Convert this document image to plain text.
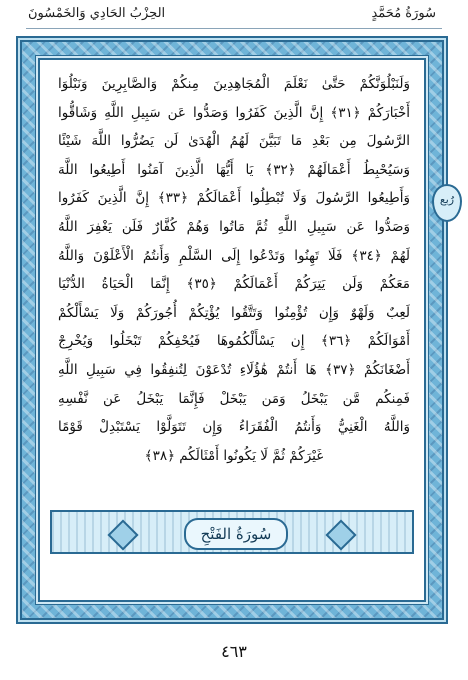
الحِزْبُ الحَادِي وَالخَمْسُونَ	سُورَةُ مُحَمَّدٍ
وَلَنَبْلُوَنَّكُمْ حَتَّىٰ نَعْلَمَ الْمُجَاهِدِينَ مِنكُمْ وَالصَّابِرِينَ وَنَبْلُوَا
أَخْبَارَكُمْ ﴿٣١﴾ إِنَّ الَّذِينَ كَفَرُوا وَصَدُّوا عَن سَبِيلِ اللَّهِ وَشَاقُّوا
الرَّسُولَ مِن بَعْدِ مَا تَبَيَّنَ لَهُمُ الْهُدَىٰ لَن يَضُرُّوا اللَّهَ شَيْئًا
وَسَيُحْبِطُ أَعْمَالَهُمْ ﴿٣٢﴾ يَا أَيُّهَا الَّذِينَ آمَنُوا أَطِيعُوا اللَّهَ
وَأَطِيعُوا الرَّسُولَ وَلَا تُبْطِلُوا أَعْمَالَكُمْ ﴿٣٣﴾ إِنَّ الَّذِينَ كَفَرُوا
وَصَدُّوا عَن سَبِيلِ اللَّهِ ثُمَّ مَاتُوا وَهُمْ كُفَّارٌ فَلَن يَغْفِرَ اللَّهُ
لَهُمْ ﴿٣٤﴾ فَلَا تَهِنُوا وَتَدْعُوا إِلَى السَّلْمِ وَأَنتُمُ الْأَعْلَوْنَ وَاللَّهُ
مَعَكُمْ وَلَن يَتِرَكُمْ أَعْمَالَكُمْ ﴿٣٥﴾ إِنَّمَا الْحَيَاةُ الدُّنْيَا
لَعِبٌ وَلَهْوٌ وَإِن تُؤْمِنُوا وَتَتَّقُوا يُؤْتِكُمْ أُجُورَكُمْ وَلَا يَسْأَلْكُمْ
أَمْوَالَكُمْ ﴿٣٦﴾ إِن يَسْأَلْكُمُوهَا فَيُحْفِكُمْ تَبْخَلُوا وَيُخْرِجْ
أَضْغَانَكُمْ ﴿٣٧﴾ هَا أَنتُمْ هَٰؤُلَاءِ تُدْعَوْنَ لِتُنفِقُوا فِي سَبِيلِ اللَّهِ
فَمِنكُم مَّن يَبْخَلُ وَمَن يَبْخَلْ فَإِنَّمَا يَبْخَلُ عَن نَّفْسِهِ
وَاللَّهُ الْغَنِيُّ وَأَنتُمُ الْفُقَرَاءُ وَإِن تَتَوَلَّوْا يَسْتَبْدِلْ قَوْمًا
غَيْرَكُمْ ثُمَّ لَا يَكُونُوا أَمْثَالَكُم ﴿٣٨﴾
سُورَةُ الفَتْحِ
رُبع
٤٦٣
